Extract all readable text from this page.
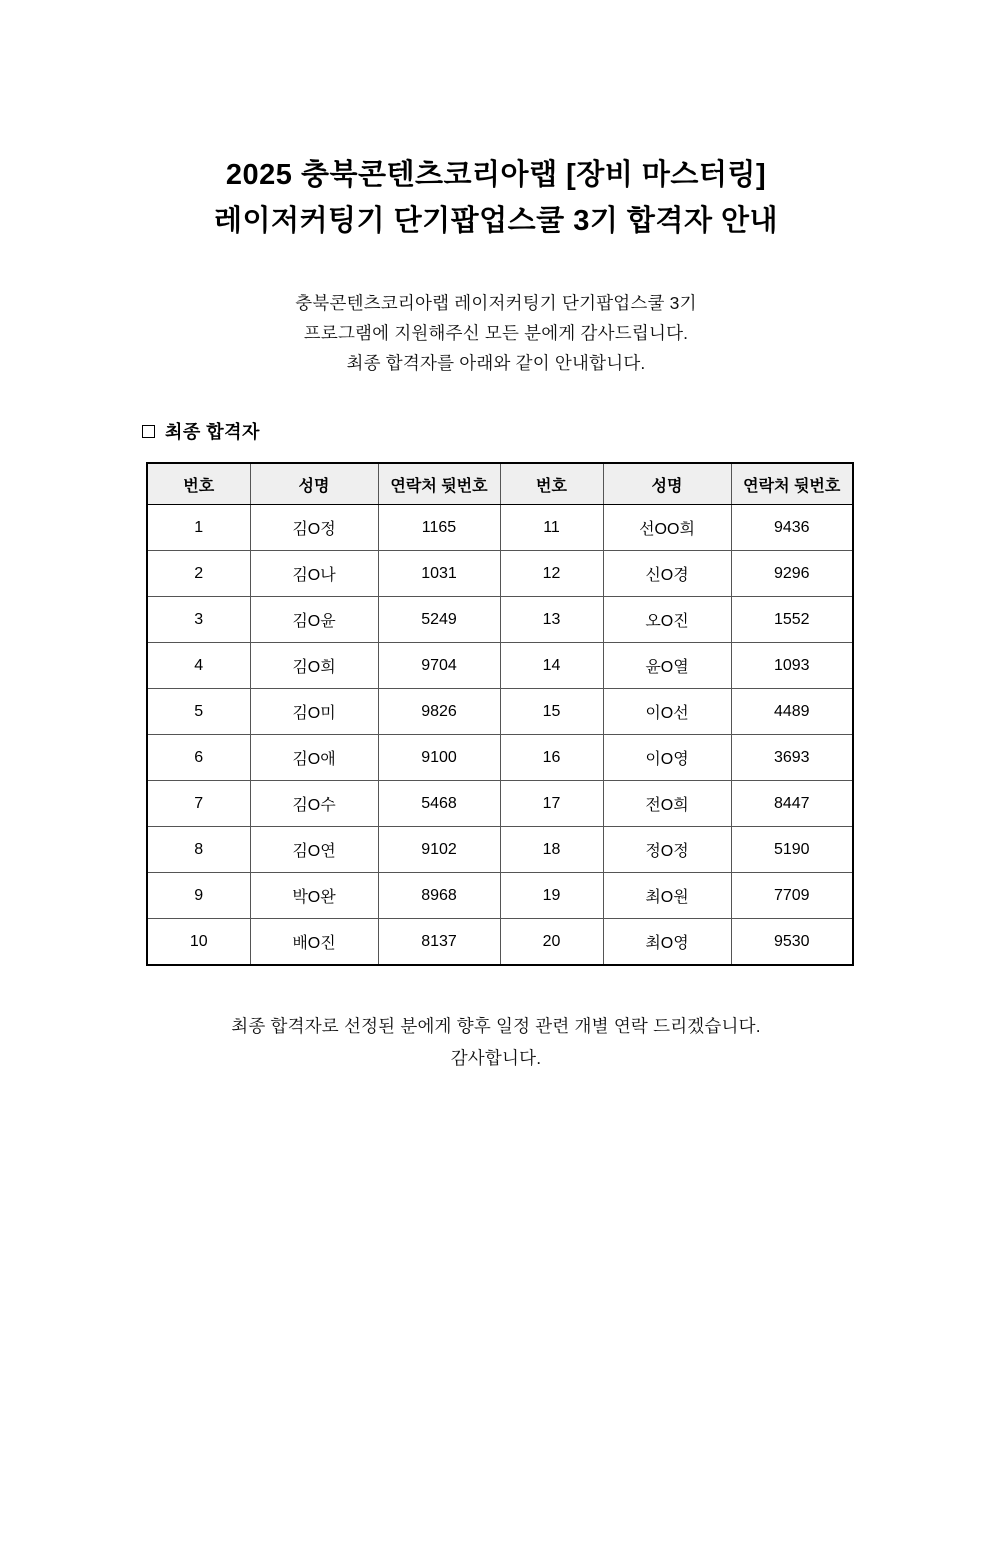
2025 충북콘텐츠코리아랩 [장비 마스터링]
레이저커팅기 단기팝업스쿨 3기 합격자 안내
충북콘텐츠코리아랩 레이저커팅기 단기팝업스쿨 3기
프로그램에 지원해주신 모든 분에게 감사드립니다.
최종 합격자를 아래와 같이 안내합니다.
최종 합격자
번호	성명	연락처 뒷번호	번호	성명	연락처 뒷번호
1	김O정	1165	11	선OO희	9436
2	김O나	1031	12	신O경	9296
3	김O윤	5249	13	오O진	1552
4	김O희	9704	14	윤O열	1093
5	김O미	9826	15	이O선	4489
6	김O애	9100	16	이O영	3693
7	김O수	5468	17	전O희	8447
8	김O연	9102	18	정O정	5190
9	박O완	8968	19	최O원	7709
10	배O진	8137	20	최O영	9530
최종 합격자로 선정된 분에게 향후 일정 관련 개별 연락 드리겠습니다.
감사합니다.
